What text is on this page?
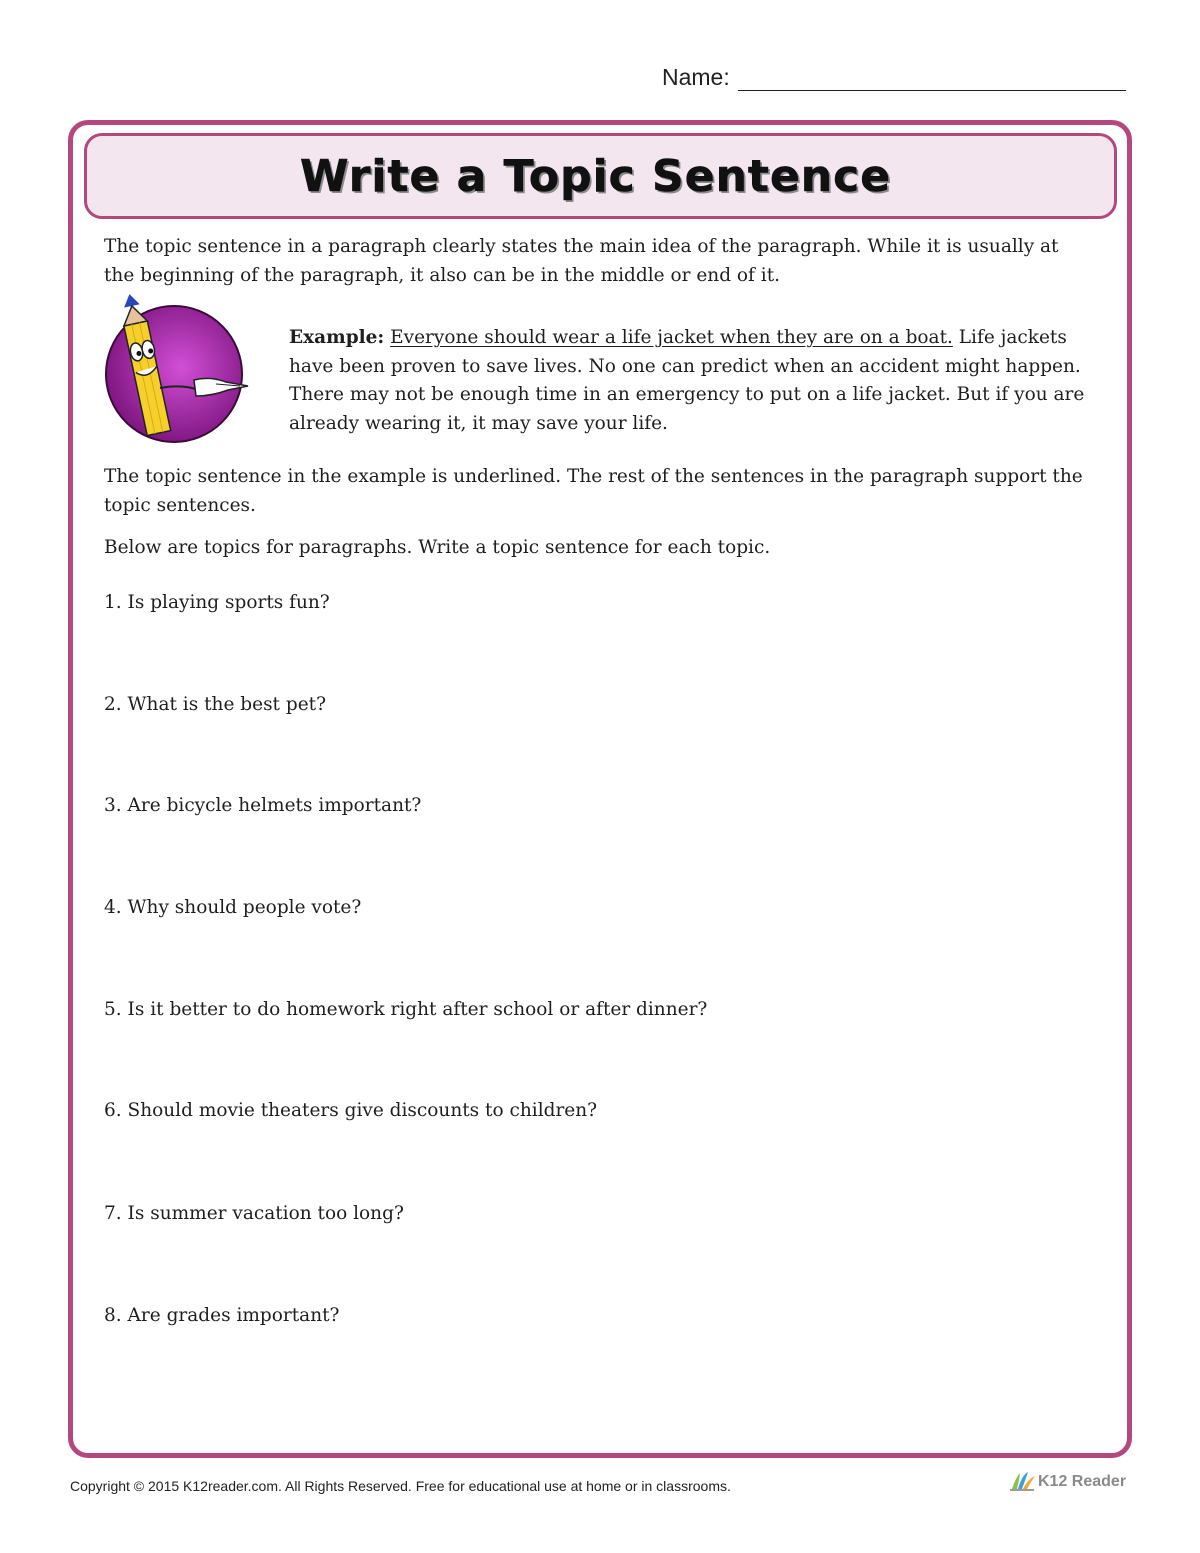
Name:
Write a Topic Sentence
The topic sentence in a paragraph clearly states the main idea of the paragraph. While it is usually at the beginning of the paragraph, it also can be in the middle or end of it.
Example: Everyone should wear a life jacket when they are on a boat. Life jackets have been proven to save lives. No one can predict when an accident might happen. There may not be enough time in an emergency to put on a life jacket. But if you are already wearing it, it may save your life.
The topic sentence in the example is underlined. The rest of the sentences in the paragraph support the topic sentences.
Below are topics for paragraphs. Write a topic sentence for each topic.
1. Is playing sports fun?
2. What is the best pet?
3. Are bicycle helmets important?
4. Why should people vote?
5. Is it better to do homework right after school or after dinner?
6. Should movie theaters give discounts to children?
7. Is summer vacation too long?
8. Are grades important?
Copyright © 2015 K12reader.com. All Rights Reserved. Free for educational use at home or in classrooms.	K12 Reader
